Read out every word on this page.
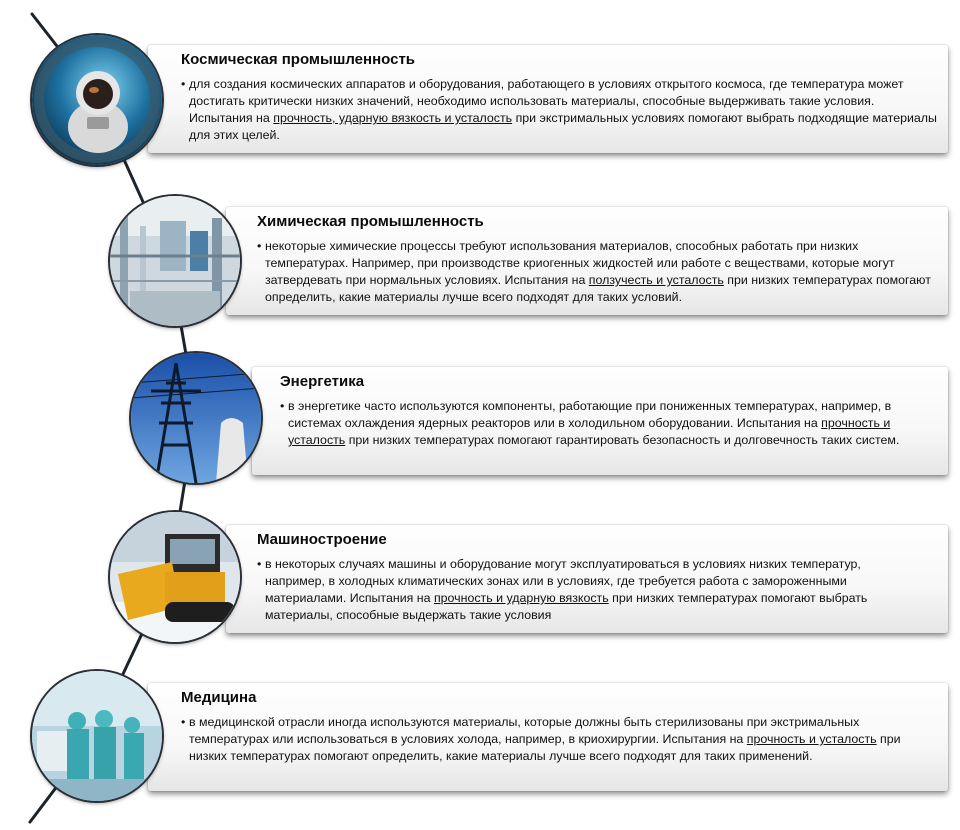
Космическая промышленность
• для создания космических аппаратов и оборудования, работающего в условиях открытого космоса, где температура может достигать критически низких значений, необходимо использовать материалы, способные выдерживать такие условия. Испытания на прочность, ударную вязкость и усталость при экстримальных условиях помогают выбрать подходящие материалы для этих целей.
Химическая промышленность
• некоторые химические процессы требуют использования материалов, способных работать при низких температурах. Например, при производстве криогенных жидкостей или работе с веществами, которые могут затвердевать при нормальных условиях. Испытания на ползучесть и усталость при низких температурах помогают определить, какие материалы лучше всего подходят для таких условий.
Энергетика
• в энергетике часто используются компоненты, работающие при пониженных температурах, например, в системах охлаждения ядерных реакторов или в холодильном оборудовании. Испытания на прочность и усталость при низких температурах помогают гарантировать безопасность и долговечность таких систем.
Машиностроение
• в некоторых случаях машины и оборудование могут эксплуатироваться в условиях низких температур, например, в холодных климатических зонах или в условиях, где требуется работа с замороженными материалами. Испытания на прочность и ударную вязкость при низких температурах помогают выбрать материалы, способные выдержать такие условия
Медицина
• в медицинской отрасли иногда используются материалы, которые должны быть стерилизованы при экстримальных температурах или использоваться в условиях холода, например, в криохирургии. Испытания на прочность и усталость при низких температурах помогают определить, какие материалы лучше всего подходят для таких применений.
